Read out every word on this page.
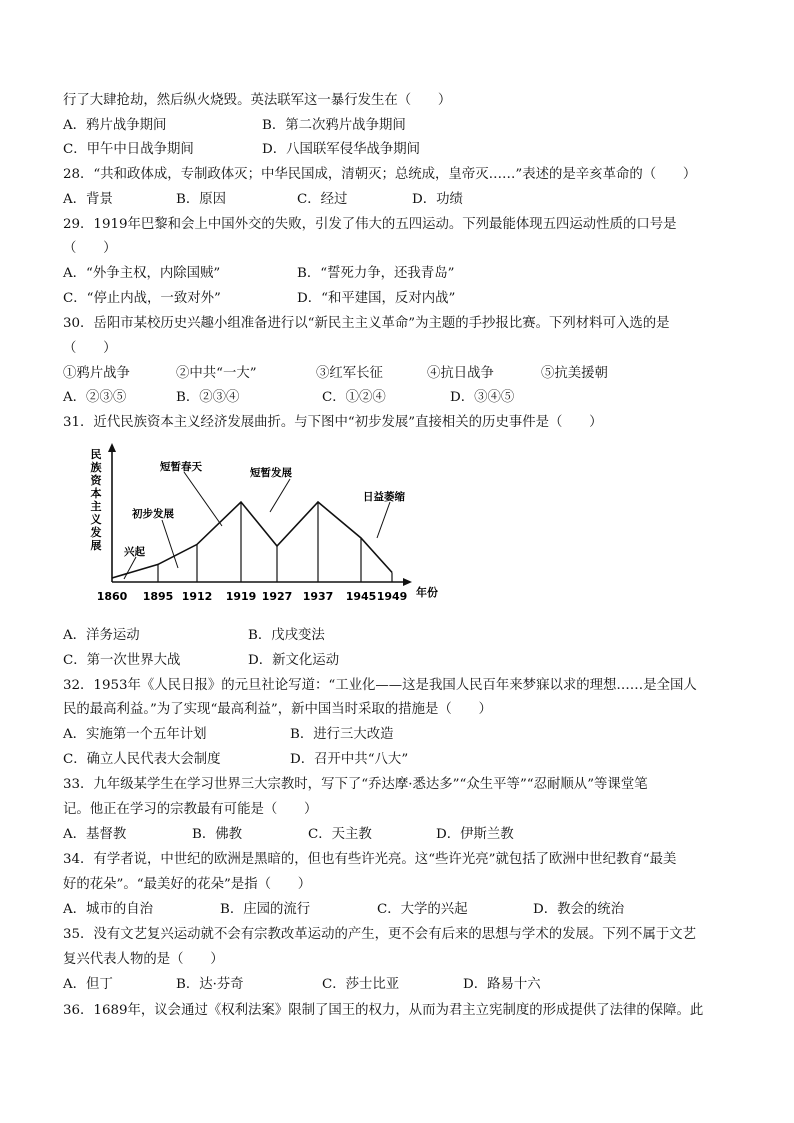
行了大肆抢劫，然后纵火烧毁。英法联军这一暴行发生在（　　）
A．鸦片战争期间	B．第二次鸦片战争期间
C．甲午中日战争期间	D．八国联军侵华战争期间
28．“共和政体成，专制政体灭；中华民国成，清朝灭；总统成，皇帝灭……”表述的是辛亥革命的（　　）
A．背景	B．原因	C．经过	D．功绩
29．1919年巴黎和会上中国外交的失败，引发了伟大的五四运动。下列最能体现五四运动性质的口号是
（　　）
A．“外争主权，内除国贼”	B．“誓死力争，还我青岛”
C．“停止内战，一致对外”	D．“和平建国，反对内战”
30．岳阳市某校历史兴趣小组准备进行以“新民主主义革命”为主题的手抄报比赛。下列材料可入选的是
（　　）
①鸦片战争	②中共“一大”	③红军长征	④抗日战争	⑤抗美援朝
A．②③⑤	B．②③④	C．①②④	D．③④⑤
31．近代民族资本主义经济发展曲折。与下图中“初步发展”直接相关的历史事件是（　　）
民
族
资
本
主
义
发
展
年份
1860 1895 1912 1919 1927 1937 1945 1949
兴起
初步发展
短暂春天	短暂发展
日益萎缩
A．洋务运动	B．戊戌变法
C．第一次世界大战	D．新文化运动
32．1953年《人民日报》的元旦社论写道：“工业化——这是我国人民百年来梦寐以求的理想……是全国人
民的最高利益。”为了实现“最高利益”，新中国当时采取的措施是（　　）
A．实施第一个五年计划	B．进行三大改造
C．确立人民代表大会制度	D．召开中共“八大”
33．九年级某学生在学习世界三大宗教时，写下了“乔达摩·悉达多”“众生平等”“忍耐顺从”等课堂笔
记。他正在学习的宗教最有可能是（　　）
A．基督教	B．佛教	C．天主教	D．伊斯兰教
34．有学者说，中世纪的欧洲是黑暗的，但也有些许光亮。这“些许光亮”就包括了欧洲中世纪教育“最美
好的花朵”。“最美好的花朵”是指（　　）
A．城市的自治	B．庄园的流行	C．大学的兴起	D．教会的统治
35．没有文艺复兴运动就不会有宗教改革运动的产生，更不会有后来的思想与学术的发展。下列不属于文艺
复兴代表人物的是（　　）
A．但丁	B．达·芬奇	C．莎士比亚	D．路易十六
36．1689年，议会通过《权利法案》限制了国王的权力，从而为君主立宪制度的形成提供了法律的保障。此
